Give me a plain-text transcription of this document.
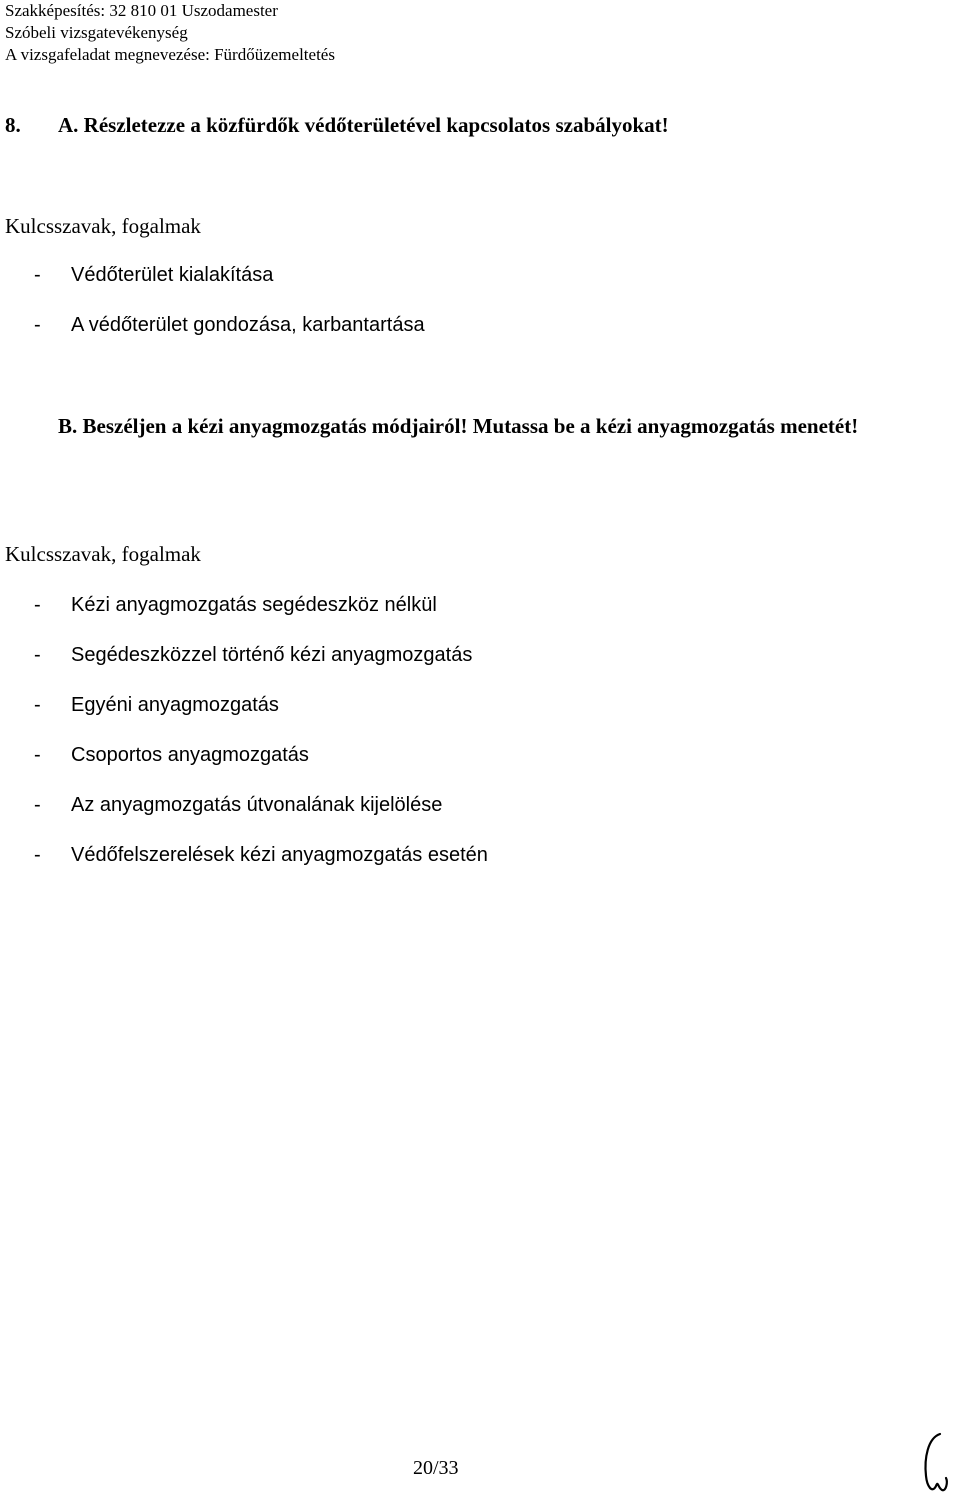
Szakképesítés: 32 810 01 Uszodamester
Szóbeli vizsgatevékenység
A vizsgafeladat megnevezése: Fürdőüzemeltetés
8. A. Részletezze a közfürdők védőterületével kapcsolatos szabályokat!
Kulcsszavak, fogalmak
- Védőterület kialakítása
- A védőterület gondozása, karbantartása
B. Beszéljen a kézi anyagmozgatás módjairól! Mutassa be a kézi anyagmozgatás menetét!
Kulcsszavak, fogalmak
- Kézi anyagmozgatás segédeszköz nélkül
- Segédeszközzel történő kézi anyagmozgatás
- Egyéni anyagmozgatás
- Csoportos anyagmozgatás
- Az anyagmozgatás útvonalának kijelölése
- Védőfelszerelések kézi anyagmozgatás esetén
20/33
